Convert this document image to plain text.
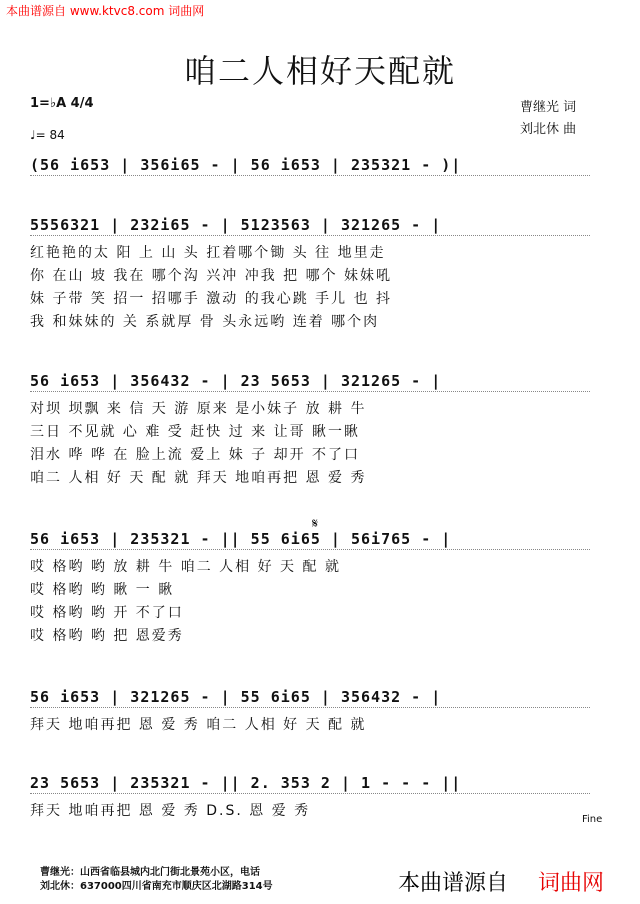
本曲谱源自 www.ktvc8.com 词曲网
咱二人相好天配就
曹继光 词
刘北休 曲
1=♭A 4/4
♩= 84
(56 i653 | 356i65 - | 56 i653 | 235321 - )|
5556321 | 232i65 - | 5123563 | 321265 - |
红艳艳的太 阳 上 山 头 扛着哪个锄 头 往 地里走
你 在山 坡 我在 哪个沟 兴冲 冲我 把 哪个 妹妹吼
妹 子带 笑 招一 招哪手 激动 的我心跳 手儿 也 抖
我 和妹妹的 关 系就厚 骨 头永远哟 连着 哪个肉
56 i653 | 356432 - | 23 5653 | 321265 - |
对坝 坝飘 来 信 天 游 原来 是小妹子 放 耕 牛
三日 不见就 心 难 受 赶快 过 来 让哥 瞅一瞅
泪水 哗 哗 在 脸上流 爱上 妹 子 却开 不了口
咱二 人相 好 天 配 就 拜天 地咱再把 恩 爱 秀
56 i653 | 235321 - || 55 6i65 | 56i765 - |
哎 格哟 哟 放 耕 牛 咱二 人相 好 天 配 就
哎 格哟 哟 瞅 一 瞅
哎 格哟 哟 开 不了口
哎 格哟 哟 把 恩爱秀
56 i653 | 321265 - | 55 6i65 | 356432 - |
拜天 地咱再把 恩 爱 秀 咱二 人相 好 天 配 就
23 5653 | 235321 - || 2. 353 2 | 1 - - - ||
拜天 地咱再把 恩 爱 秀 D.S. 恩 爱 秀
𝄋
Fine
曹继光：山西省临县城内北门街北景苑小区，电话
刘北休：637000四川省南充市顺庆区北湖路314号	本曲谱源自 词曲网
